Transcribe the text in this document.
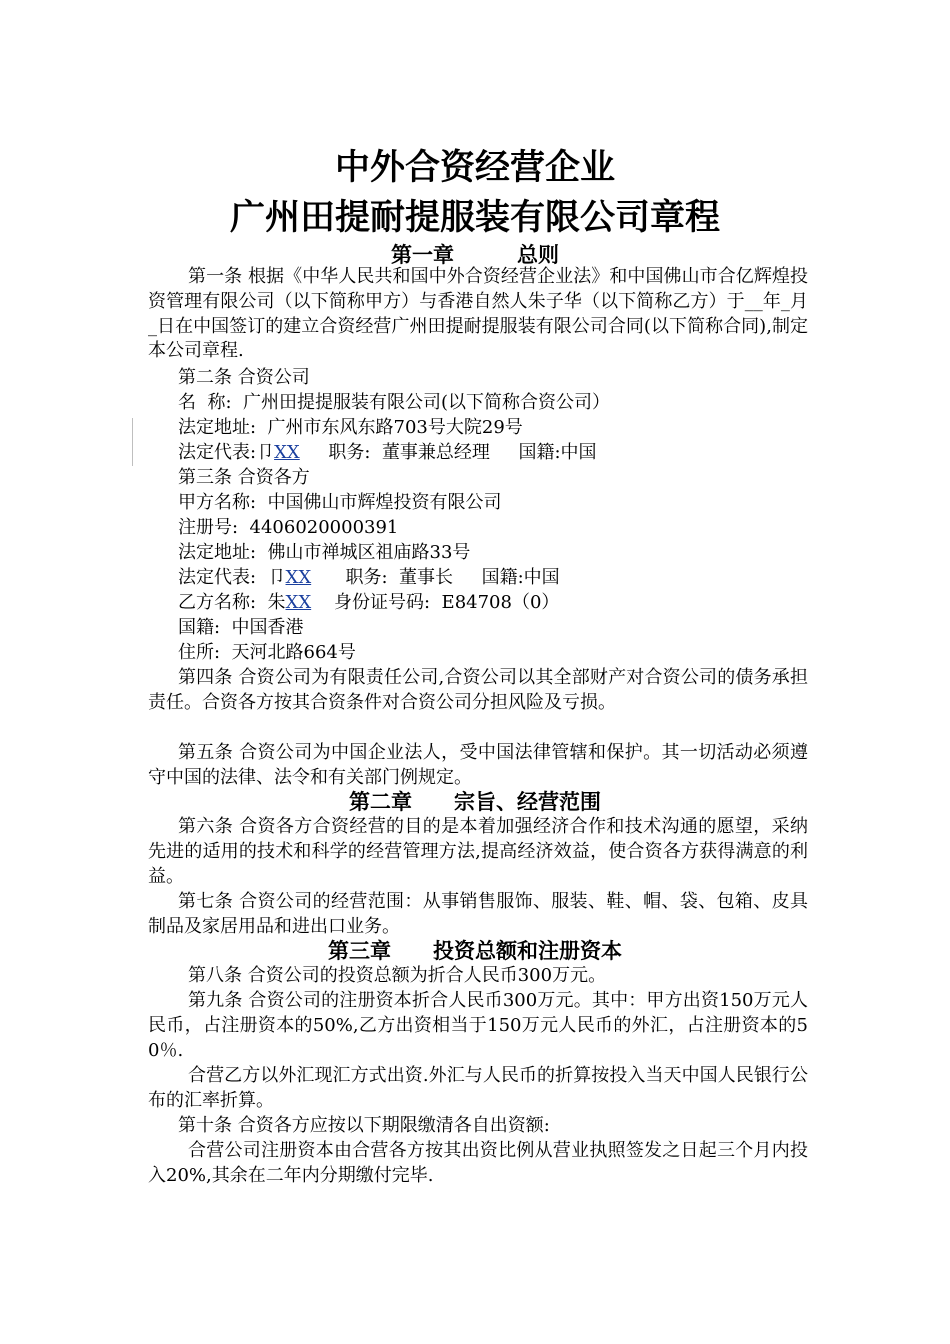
中外合资经营企业
广州田提耐提服装有限公司章程
第一章　　　总则
第一条 根据《中华人民共和国中外合资经营企业法》和中国佛山市合亿辉煌投资管理有限公司（以下简称甲方）与香港自然人朱子华（以下简称乙方）于__年_月_日在中国签订的建立合资经营广州田提耐提服装有限公司合同(以下简称合同),制定本公司章程.
第二条 合资公司
名  称:  广州田提提服装有限公司(以下简称合资公司）
法定地址:  广州市东风东路703号大院29号
法定代表:卩XX     职务:  董事兼总经理     国籍:中国
第三条 合资各方
甲方名称:  中国佛山市辉煌投资有限公司
注册号:  4406020000391
法定地址:  佛山市禅城区祖庙路33号
法定代表:  卩XX      职务:  董事长     国籍:中国
乙方名称:  朱XX    身份证号码:  E84708（0）
国籍:  中国香港
住所:  天河北路664号
第四条 合资公司为有限责任公司,合资公司以其全部财产对合资公司的债务承担责任。合资各方按其合资条件对合资公司分担风险及亏损。
第五条 合资公司为中国企业法人，受中国法律管辖和保护。其一切活动必须遵守中国的法律、法令和有关部门例规定。
第二章　　宗旨、经营范围
第六条 合资各方合资经营的目的是本着加强经济合作和技术沟通的愿望，采纳先进的适用的技术和科学的经营管理方法,提高经济效益，使合资各方获得满意的利益。
第七条 合资公司的经营范围：从事销售服饰、服装、鞋、帽、袋、包箱、皮具制品及家居用品和进出口业务。
第三章　　投资总额和注册资本
第八条 合资公司的投资总额为折合人民币300万元。
第九条 合资公司的注册资本折合人民币300万元。其中：甲方出资150万元人民币，占注册资本的50%,乙方出资相当于150万元人民币的外汇，占注册资本的50％.
合营乙方以外汇现汇方式出资.外汇与人民币的折算按投入当天中国人民银行公布的汇率折算。
第十条 合资各方应按以下期限缴清各自出资额:
合营公司注册资本由合营各方按其出资比例从营业执照签发之日起三个月内投入20%,其余在二年内分期缴付完毕.
